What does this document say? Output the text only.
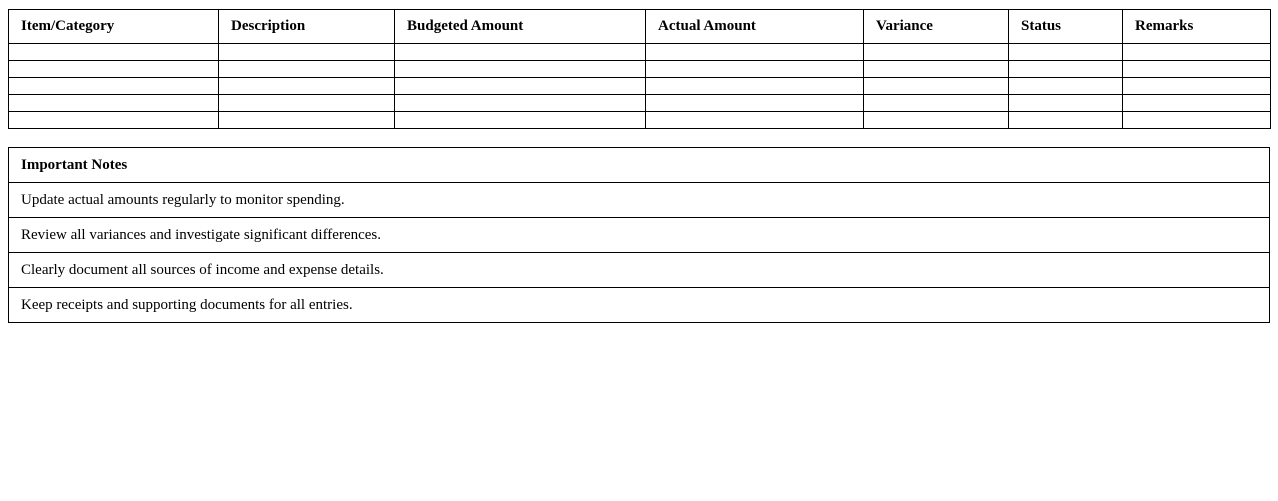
Item/Category	Description	Budgeted Amount	Actual Amount	Variance	Status	Remarks

Important Notes
Update actual amounts regularly to monitor spending.
Review all variances and investigate significant differences.
Clearly document all sources of income and expense details.
Keep receipts and supporting documents for all entries.
